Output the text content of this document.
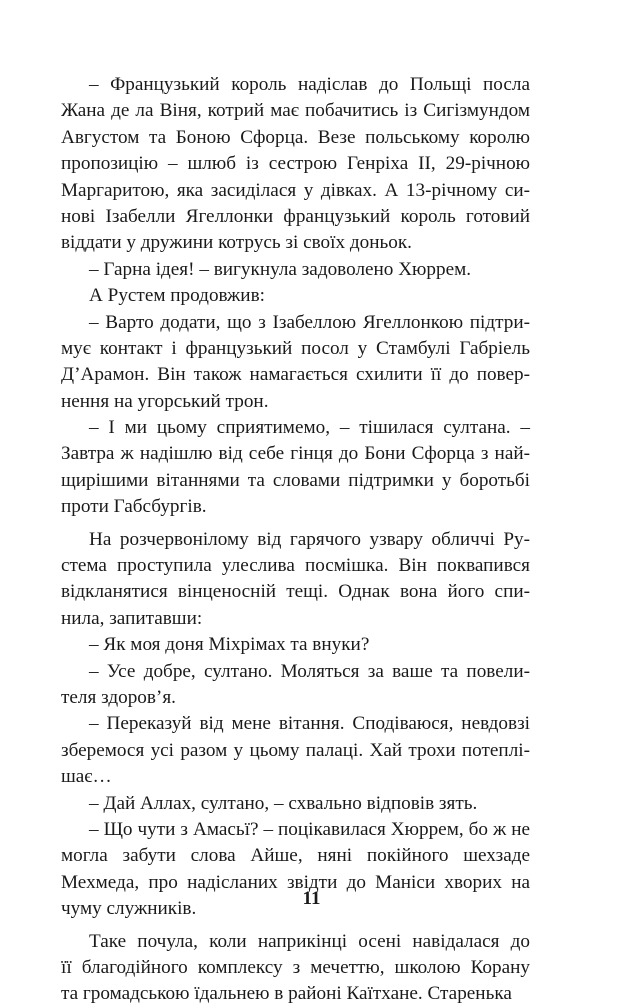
– Французький король надіслав до Польщі посла
Жана де ла Віня, котрий має побачитись із Сигізмундом
Августом та Боною Сфорца. Везе польському королю
пропозицію – шлюб із сестрою Генріха II, 29-річною
Маргаритою, яка засиділася у дівках. А 13-річному си-
нові Ізабелли Ягеллонки французький король готовий
віддати у дружини котрусь зі своїх доньок.
– Гарна ідея! – вигукнула задоволено Хюррем.
А Рустем продовжив:
– Варто додати, що з Ізабеллою Ягеллонкою підтри-
мує контакт і французький посол у Стамбулі Габріель
Д’Арамон. Він також намагається схилити її до повер-
нення на угорський трон.
– І ми цьому сприятимемо, – тішилася султана. –
Завтра ж надішлю від себе гінця до Бони Сфорца з най-
щирішими вітаннями та словами підтримки у боротьбі
проти Габсбургів.
На розчервонілому від гарячого узвару обличчі Ру-
стема проступила улеслива посмішка. Він поквапився
відкланятися вінценосній тещі. Однак вона його спи-
нила, запитавши:
– Як моя доня Міхрімах та внуки?
– Усе добре, султано. Моляться за ваше та повели-
теля здоров’я.
– Переказуй від мене вітання. Сподіваюся, невдовзі
зберемося усі разом у цьому палаці. Хай трохи потеплі-
шає…
– Дай Аллах, султано, – схвально відповів зять.
– Що чути з Амасьї? – поцікавилася Хюррем, бо ж не
могла забути слова Айше, няні покійного шехзаде
Мехмеда, про надісланих звідти до Маніси хворих на
чуму служників.
Таке почула, коли наприкінці осені навідалася до
її благодійного комплексу з мечеттю, школою Корану
та громадською їдальнею в районі Каїтхане. Старенька
11
